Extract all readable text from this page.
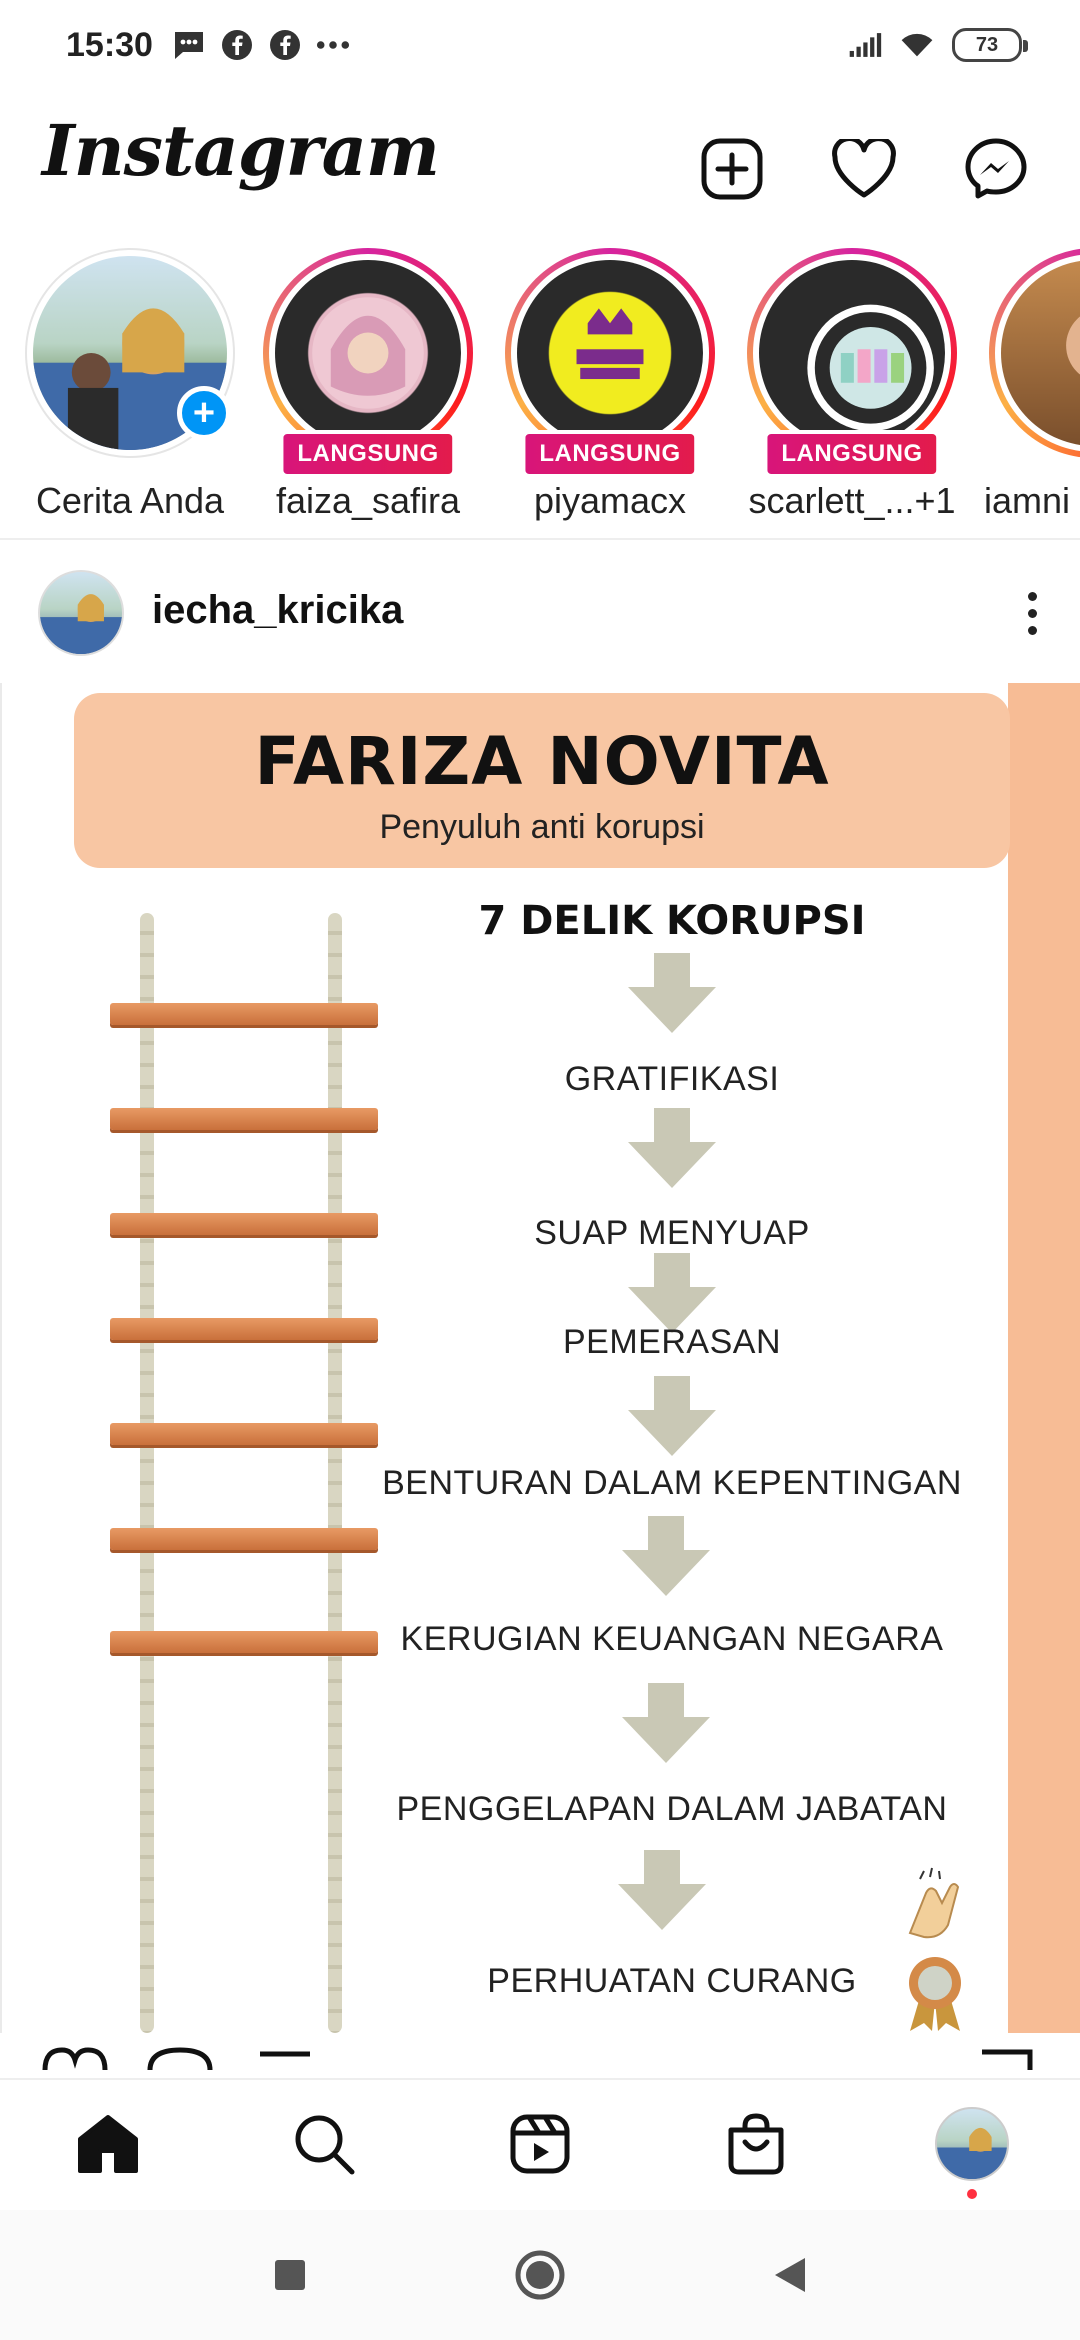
15:30	73
Instagram
+
Cerita Anda
LANGSUNG
faiza_safira
LANGSUNG
piyamacx
LANGSUNG
scarlett_...+1 iamni
iecha_kricika
FARIZA NOVITA
Penyuluh anti korupsi
7 DELIK KORUPSI
GRATIFIKASI
SUAP MENYUAP
PEMERASAN
BENTURAN DALAM KEPENTINGAN
KERUGIAN KEUANGAN NEGARA
PENGGELAPAN DALAM JABATAN
PERHUATAN CURANG
